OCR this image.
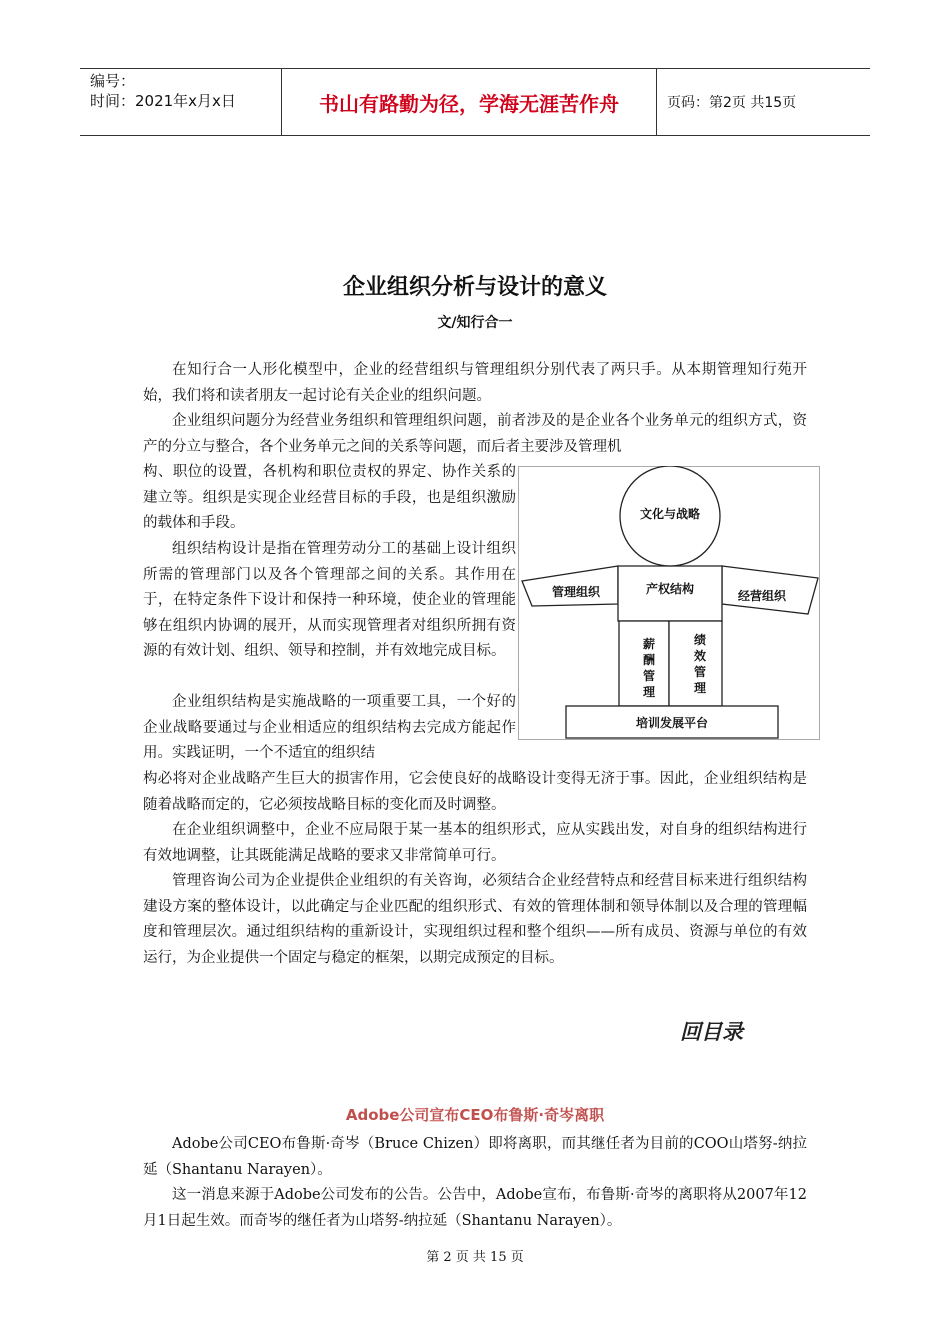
编号：
时间：2021年x月x日	书山有路勤为径，学海无涯苦作舟	页码：第2页 共15页
企业组织分析与设计的意义
文/知行合一

在知行合一人形化模型中，企业的经营组织与管理组织分别代表了两只手。从本期管理知行苑开始，我们将和读者朋友一起讨论有关企业的组织问题。

企业组织问题分为经营业务组织和管理组织问题，前者涉及的是企业各个业务单元的组织方式，资产的分立与整合，各个业务单元之间的关系等问题，而后者主要涉及管理机

构、职位的设置，各机构和职位责权的界定、协作关系的建立等。组织是实现企业经营目标的手段，也是组织激励的载体和手段。

组织结构设计是指在管理劳动分工的基础上设计组织所需的管理部门以及各个管理部之间的关系。其作用在于，在特定条件下设计和保持一种环境，使企业的管理能够在组织内协调的展开，从而实现管理者对组织所拥有资源的有效计划、组织、领导和控制，并有效地完成目标。

企业组织结构是实施战略的一项重要工具，一个好的企业战略要通过与企业相适应的组织结构去完成方能起作用。实践证明，一个不适宜的组织结

构必将对企业战略产生巨大的损害作用，它会使良好的战略设计变得无济于事。因此，企业组织结构是随着战略而定的，它必须按战略目标的变化而及时调整。

在企业组织调整中，企业不应局限于某一基本的组织形式，应从实践出发，对自身的组织结构进行有效地调整，让其既能满足战略的要求又非常简单可行。

管理咨询公司为企业提供企业组织的有关咨询，必须结合企业经营特点和经营目标来进行组织结构建设方案的整体设计，以此确定与企业匹配的组织形式、有效的管理体制和领导体制以及合理的管理幅度和管理层次。通过组织结构的重新设计，实现组织过程和整个组织——所有成员、资源与单位的有效运行，为企业提供一个固定与稳定的框架，以期完成预定的目标。

文化与战略
管理组织	产权结构	经营组织
薪酬管理
绩效管理
培训发展平台
回目录
Adobe公司宣布CEO布鲁斯·奇岑离职

Adobe公司CEO布鲁斯·奇岑（Bruce Chizen）即将离职，而其继任者为目前的COO山塔努-纳拉延（Shantanu Narayen）。

这一消息来源于Adobe公司发布的公告。公告中，Adobe宣布，布鲁斯·奇岑的离职将从2007年12月1日起生效。而奇岑的继任者为山塔努-纳拉延（Shantanu Narayen）。

第 2 页 共 15 页
